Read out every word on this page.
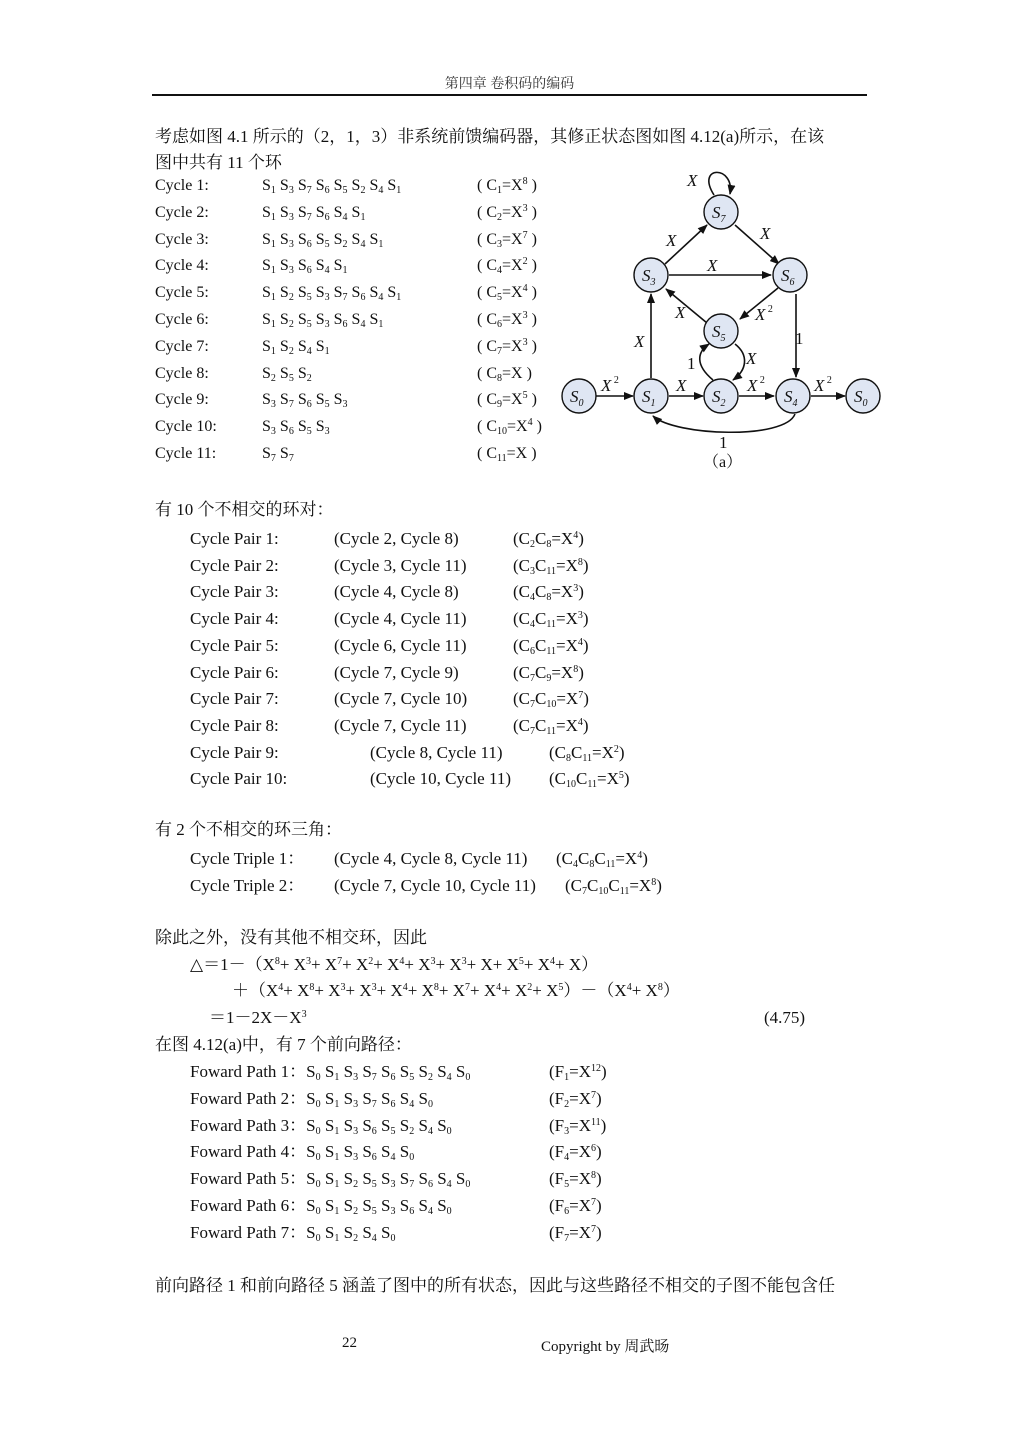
第四章 卷积码的编码
考虑如图 4.1 所示的（2，1，3）非系统前馈编码器，其修正状态图如图 4.12(a)所示，在该
图中共有 11 个环
Cycle 1:	$S_1$ $S_3$ $S_7$ $S_6$ $S_5$ $S_2$ $S_4$ $S_1$	( $C_1=X^8$ )
Cycle 2:	$S_1$ $S_3$ $S_7$ $S_6$ $S_4$ $S_1$	( $C_2=X^3$ )
Cycle 3:	$S_1$ $S_3$ $S_6$ $S_5$ $S_2$ $S_4$ $S_1$	( $C_3=X^7$ )
Cycle 4:	$S_1$ $S_3$ $S_6$ $S_4$ $S_1$	( $C_4=X^2$ )
Cycle 5:	$S_1$ $S_2$ $S_5$ $S_3$ $S_7$ $S_6$ $S_4$ $S_1$	( $C_5=X^4$ )
Cycle 6:	$S_1$ $S_2$ $S_5$ $S_3$ $S_6$ $S_4$ $S_1$	( $C_6=X^3$ )
Cycle 7:	$S_1$ $S_2$ $S_4$ $S_1$	( $C_7=X^3$ )
Cycle 8:	$S_2$ $S_5$ $S_2$	( $C_8=X$ )
Cycle 9:	$S_3$ $S_7$ $S_6$ $S_5$ $S_3$	( $C_9=X^5$ )
Cycle 10:	$S_3$ $S_6$ $S_5$ $S_3$	( $C_{10}=X^4$ )
Cycle 11:	$S_7$ $S_7$	( $C_{11}=X$ )
有 10 个不相交的环对：
Cycle Pair 1:	(Cycle 2, Cycle 8)	$(C_2C_8=X^4)$
Cycle Pair 2:	(Cycle 3, Cycle 11)	$(C_3C_{11}=X^8)$
Cycle Pair 3:	(Cycle 4, Cycle 8)	$(C_4C_8=X^3)$
Cycle Pair 4:	(Cycle 4, Cycle 11)	$(C_4C_{11}=X^3)$
Cycle Pair 5:	(Cycle 6, Cycle 11)	$(C_6C_{11}=X^4)$
Cycle Pair 6:	(Cycle 7, Cycle 9)	$(C_7C_9=X^8)$
Cycle Pair 7:	(Cycle 7, Cycle 10)	$(C_7C_{10}=X^7)$
Cycle Pair 8:	(Cycle 7, Cycle 11)	$(C_7C_{11}=X^4)$
Cycle Pair 9:	(Cycle 8, Cycle 11)	$(C_8C_{11}=X^2)$
Cycle Pair 10:	(Cycle 10, Cycle 11) $(C_{10}C_{11}=X^5)$
有 2 个不相交的环三角：
Cycle Triple 1： (Cycle 4, Cycle 8, Cycle 11) $(C_4C_8C_{11}=X^4)$
Cycle Triple 2： (Cycle 7, Cycle 10, Cycle 11) $(C_7C_{10}C_{11}=X^8)$
除此之外，没有其他不相交环，因此
$\triangle=1-(X^8+ X^3+ X^7+ X^2+ X^4+ X^3+ X^3+ X+ X^5+ X^4+ X)$
$+(X^4+ X^8+ X^3+ X^3+ X^4+ X^8+ X^7+ X^4+ X^2+ X^5)-(X^4+ X^8)$
$=1-2X-X^3$	(4.75)
在图 4.12(a)中，有 7 个前向路径：
Foward Path 1：$S_0$ $S_1$ $S_3$ $S_7$ $S_6$ $S_5$ $S_2$ $S_4$ $S_0$	$(F_1=X^{12})$
Foward Path 2：$S_0$ $S_1$ $S_3$ $S_7$ $S_6$ $S_4$ $S_0$	$(F_2=X^7)$
Foward Path 3：$S_0$ $S_1$ $S_3$ $S_6$ $S_5$ $S_2$ $S_4$ $S_0$	$(F_3=X^{11})$
Foward Path 4：$S_0$ $S_1$ $S_3$ $S_6$ $S_4$ $S_0$	$(F_4=X^6)$
Foward Path 5：$S_0$ $S_1$ $S_2$ $S_5$ $S_3$ $S_7$ $S_6$ $S_4$ $S_0$	$(F_5=X^8)$
Foward Path 6：$S_0$ $S_1$ $S_2$ $S_5$ $S_3$ $S_6$ $S_4$ $S_0$	$(F_6=X^7)$
Foward Path 7：$S_0$ $S_1$ $S_2$ $S_4$ $S_0$	$(F_7=X^7)$
前向路径 1 和前向路径 5 涵盖了图中的所有状态，因此与这些路径不相交的子图不能包含任
22	Copyright by 周武旸
$S_0$	$S_1$	$S_2$
$S_3$
$S_4$
$S_5$
$S_6$
$S_7$
$S_0$
X
X	X
X
X	X $^2$
X
X
X $^2$	X	X $^2$	X $^2$
1
1
1
（a）
